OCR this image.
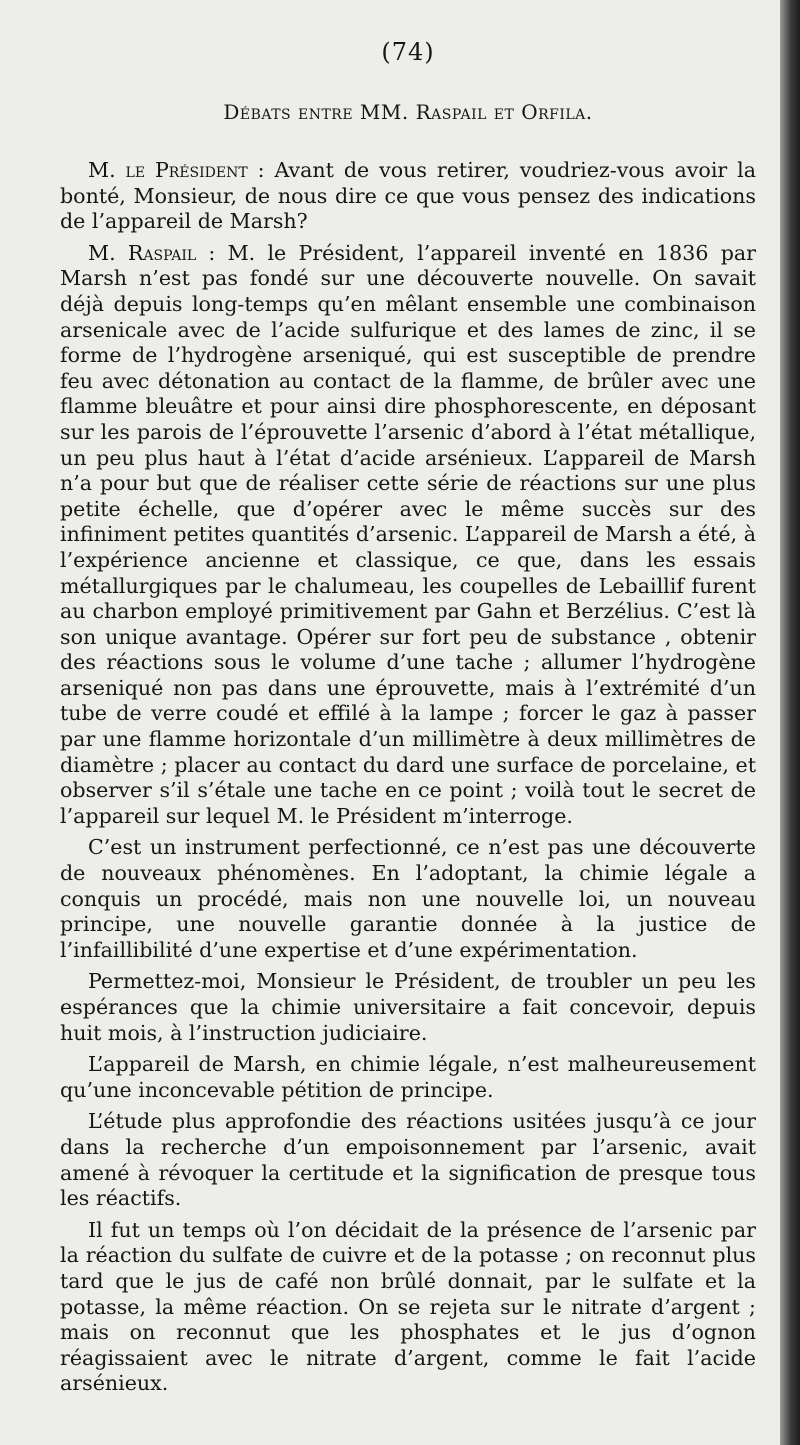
(74)
Débats entre MM. Raspail et Orfila.

M. le Président : Avant de vous retirer, voudriez-vous avoir la bonté, Monsieur, de nous dire ce que vous pensez des indications de l’appareil de Marsh?

M. Raspail : M. le Président, l’appareil inventé en 1836 par Marsh n’est pas fondé sur une découverte nouvelle. On savait déjà depuis long-temps qu’en mêlant ensemble une combinaison arsenicale avec de l’acide sulfurique et des lames de zinc, il se forme de l’hydrogène arseniqué, qui est susceptible de prendre feu avec détonation au contact de la flamme, de brûler avec une flamme bleuâtre et pour ainsi dire phosphorescente, en déposant sur les parois de l’éprouvette l’arsenic d’abord à l’état métallique, un peu plus haut à l’état d’acide arsénieux. L’appareil de Marsh n’a pour but que de réaliser cette série de réactions sur une plus petite échelle, que d’opérer avec le même succès sur des infiniment petites quantités d’arsenic. L’appareil de Marsh a été, à l’expérience ancienne et classique, ce que, dans les essais métallurgiques par le chalumeau, les coupelles de Lebaillif furent au charbon employé primitivement par Gahn et Berzélius. C’est là son unique avantage. Opérer sur fort peu de substance , obtenir des réactions sous le volume d’une tache ; allumer l’hydrogène arseniqué non pas dans une éprouvette, mais à l’extrémité d’un tube de verre coudé et effilé à la lampe ; forcer le gaz à passer par une flamme horizontale d’un millimètre à deux millimètres de diamètre ; placer au contact du dard une surface de porcelaine, et observer s’il s’étale une tache en ce point ; voilà tout le secret de l’appareil sur lequel M. le Président m’interroge.

C’est un instrument perfectionné, ce n’est pas une découverte de nouveaux phénomènes. En l’adoptant, la chimie légale a conquis un procédé, mais non une nouvelle loi, un nouveau principe, une nouvelle garantie donnée à la justice de l’infaillibilité d’une expertise et d’une expérimentation.

Permettez-moi, Monsieur le Président, de troubler un peu les espérances que la chimie universitaire a fait concevoir, depuis huit mois, à l’instruction judiciaire.

L’appareil de Marsh, en chimie légale, n’est malheureusement qu’une inconcevable pétition de principe.

L’étude plus approfondie des réactions usitées jusqu’à ce jour dans la recherche d’un empoisonnement par l’arsenic, avait amené à révoquer la certitude et la signification de presque tous les réactifs.

Il fut un temps où l’on décidait de la présence de l’arsenic par la réaction du sulfate de cuivre et de la potasse ; on reconnut plus tard que le jus de café non brûlé donnait, par le sulfate et la potasse, la même réaction. On se rejeta sur le nitrate d’argent ; mais on reconnut que les phosphates et le jus d’ognon réagissaient avec le nitrate d’argent, comme le fait l’acide arsénieux.
